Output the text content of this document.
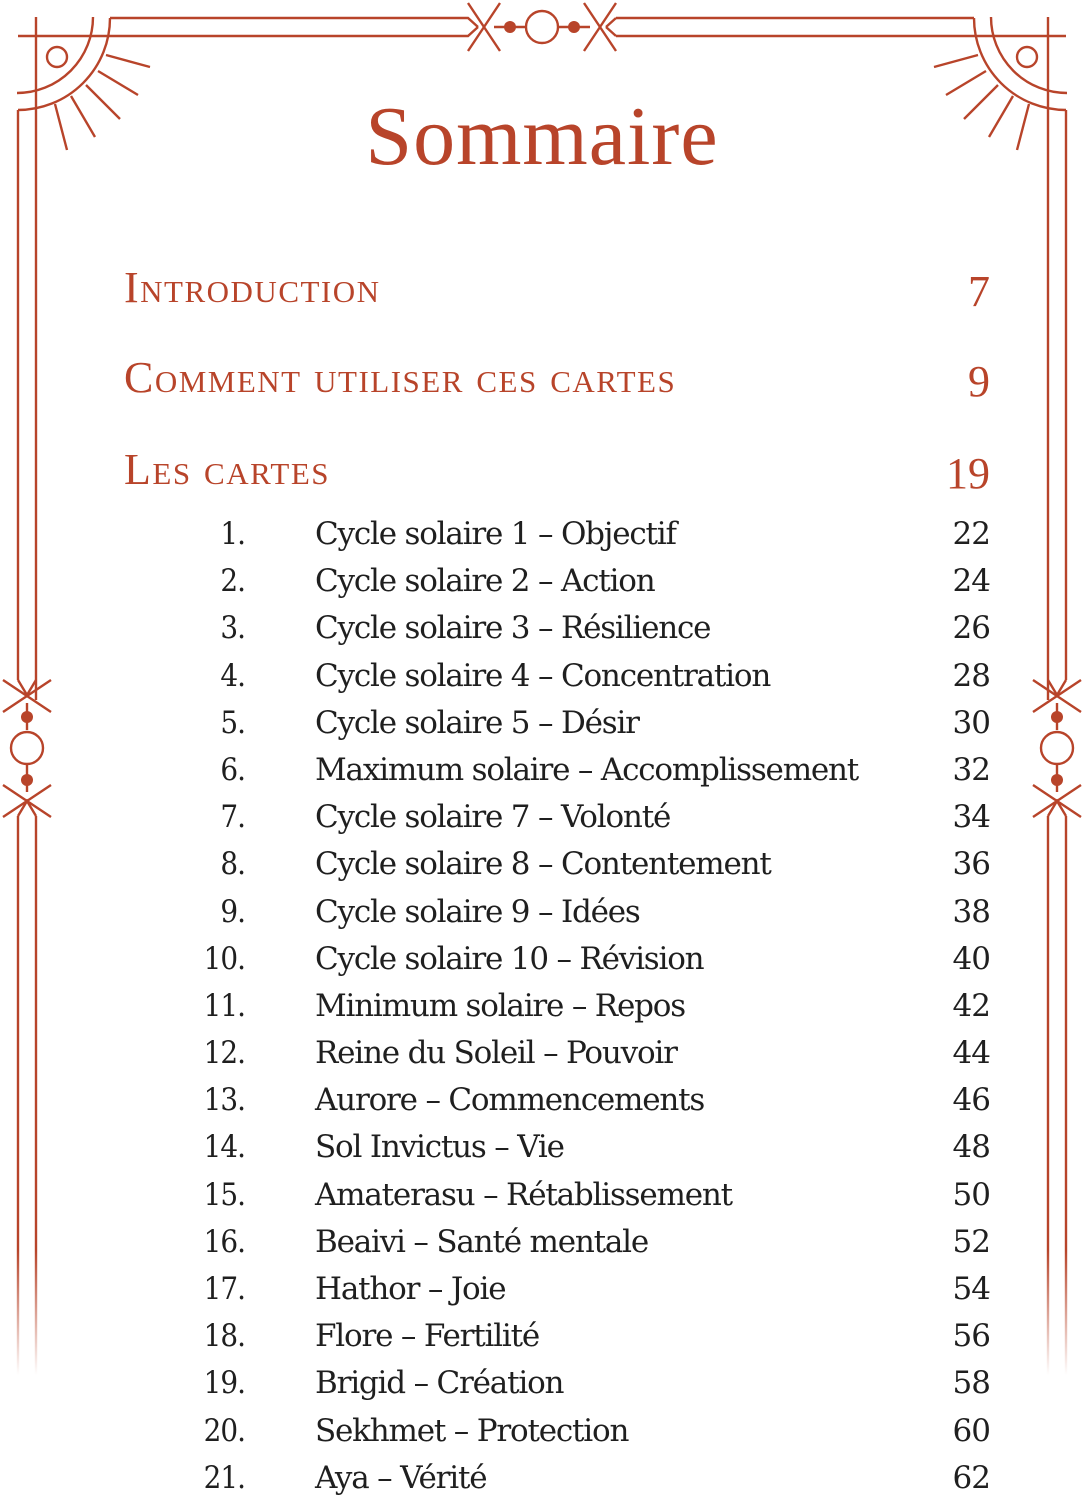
Sommaire
Introduction	7
Comment utiliser ces cartes	9
Les cartes	19
1. Cycle solaire 1 – Objectif	22
2. Cycle solaire 2 – Action	24
3. Cycle solaire 3 – Résilience	26
4. Cycle solaire 4 – Concentration	28
5. Cycle solaire 5 – Désir	30
6. Maximum solaire – Accomplissement	32
7. Cycle solaire 7 – Volonté	34
8. Cycle solaire 8 – Contentement	36
9. Cycle solaire 9 – Idées	38
10. Cycle solaire 10 – Révision	40
11. Minimum solaire – Repos	42
12. Reine du Soleil – Pouvoir	44
13. Aurore – Commencements	46
14. Sol Invictus – Vie	48
15. Amaterasu – Rétablissement	50
16. Beaivi – Santé mentale	52
17. Hathor – Joie	54
18. Flore – Fertilité	56
19. Brigid – Création	58
20. Sekhmet – Protection	60
21. Aya – Vérité	62
